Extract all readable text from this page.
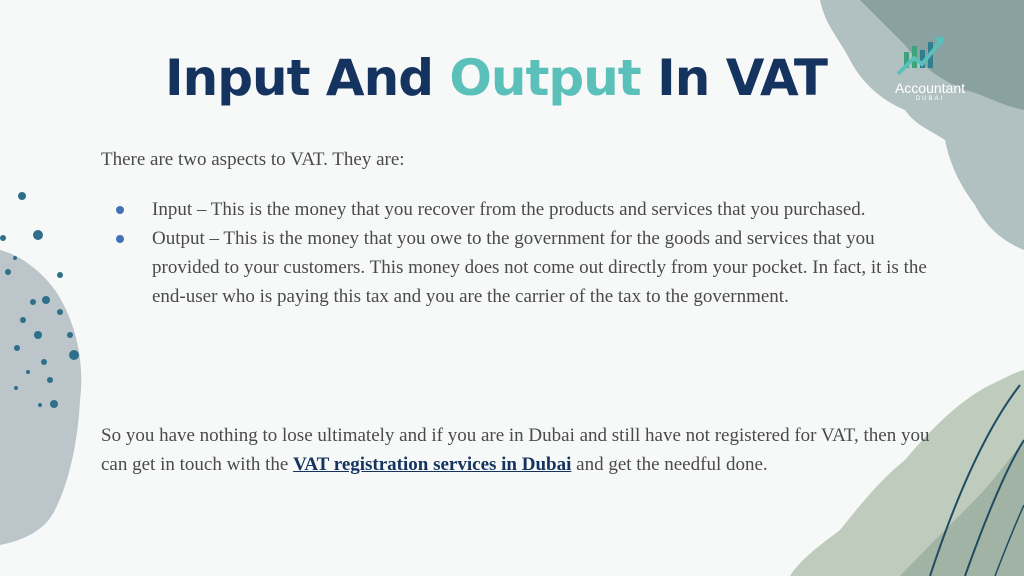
Accountant
DUBAI
Input And Output In VAT
There are two aspects to VAT. They are:
Input – This is the money that you recover from the products and services that you purchased.
Output – This is the money that you owe to the government for the goods and services that you provided to your customers. This money does not come out directly from your pocket. In fact, it is the end-user who is paying this tax and you are the carrier of the tax to the government.
So you have nothing to lose ultimately and if you are in Dubai and still have not registered for VAT, then you can get in touch with the VAT registration services in Dubai and get the needful done.
